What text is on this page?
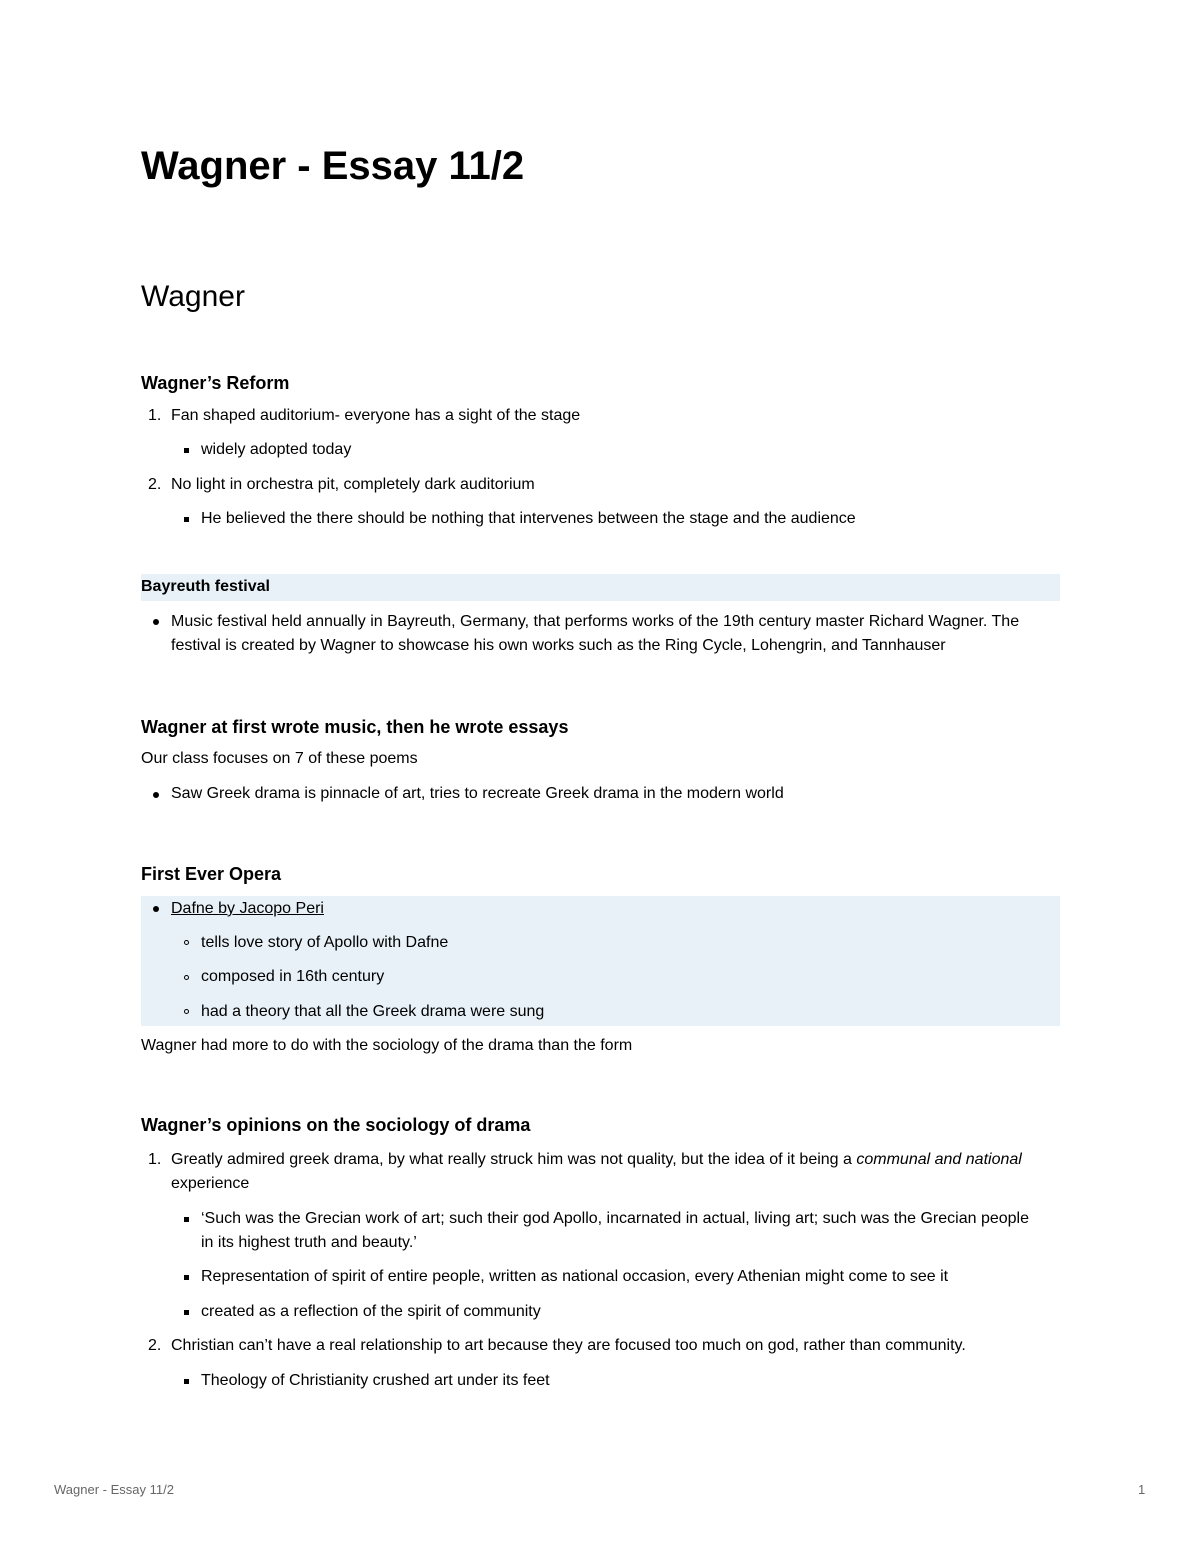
Wagner - Essay 11/2
Wagner
Wagner’s Reform
1. Fan shaped auditorium- everyone has a sight of the stage
widely adopted today
2. No light in orchestra pit, completely dark auditorium
He believed the there should be nothing that intervenes between the stage and the audience
Bayreuth festival
Music festival held annually in Bayreuth, Germany, that performs works of the 19th century master Richard Wagner. The
festival is created by Wagner to showcase his own works such as the Ring Cycle, Lohengrin, and Tannhauser
Wagner at first wrote music, then he wrote essays
Our class focuses on 7 of these poems
Saw Greek drama is pinnacle of art, tries to recreate Greek drama in the modern world
First Ever Opera
Dafne by Jacopo Peri
tells love story of Apollo with Dafne
composed in 16th century
had a theory that all the Greek drama were sung
Wagner had more to do with the sociology of the drama than the form
Wagner’s opinions on the sociology of drama
1. Greatly admired greek drama, by what really struck him was not quality, but the idea of it being a communal and national
experience
‘Such was the Grecian work of art; such their god Apollo, incarnated in actual, living art; such was the Grecian people
in its highest truth and beauty.’
Representation of spirit of entire people, written as national occasion, every Athenian might come to see it
created as a reflection of the spirit of community
2. Christian can’t have a real relationship to art because they are focused too much on god, rather than community.
Theology of Christianity crushed art under its feet
Wagner - Essay 11/2	1
